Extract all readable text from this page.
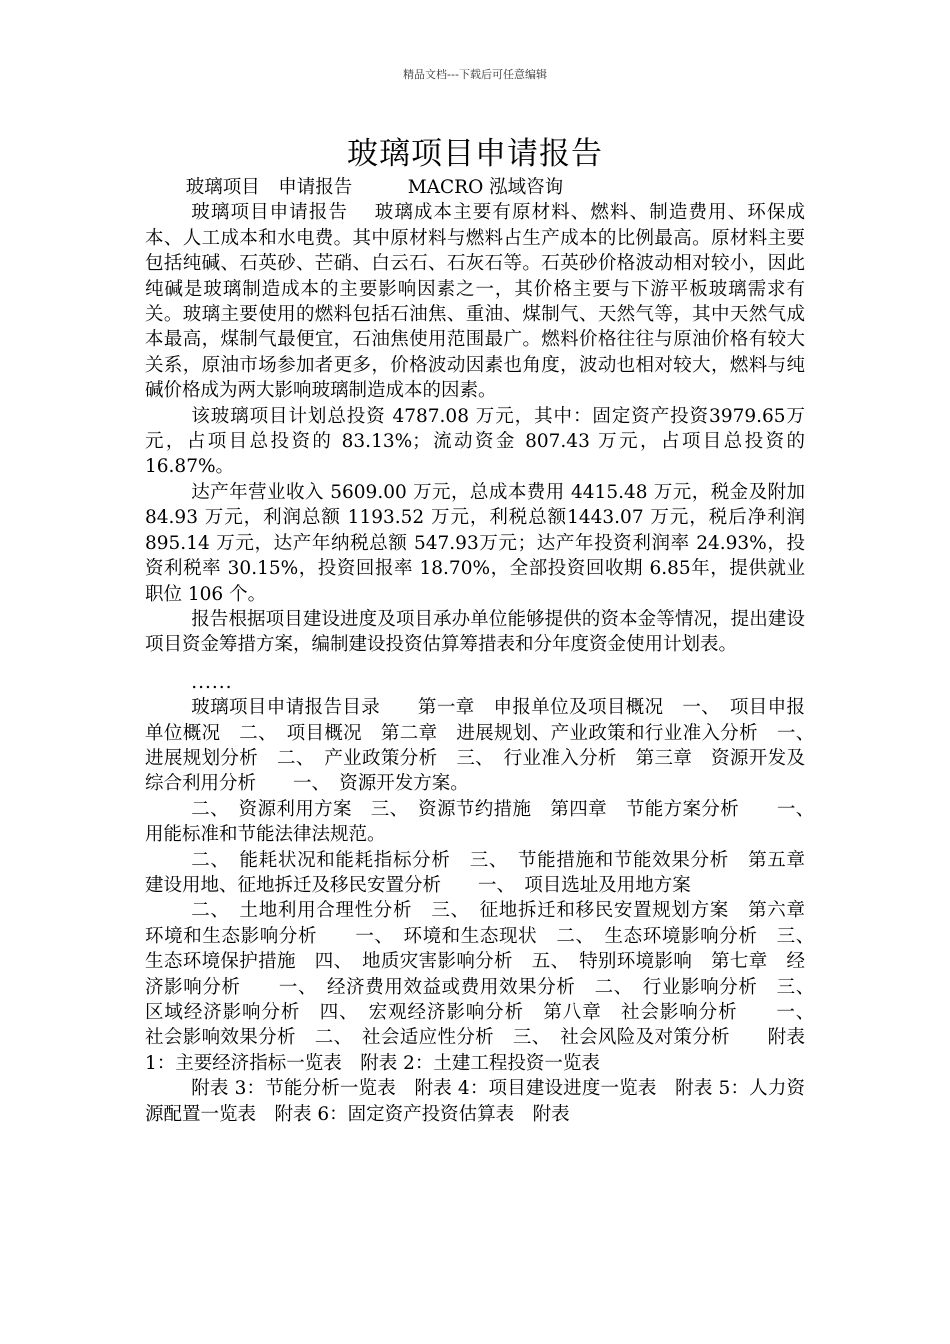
精品文档---下载后可任意编辑
玻璃项目申请报告

玻璃项目　申请报告　　　MACRO 泓域咨询

玻璃项目申请报告　 玻璃成本主要有原材料、燃料、制造费用、环保成本、人工成本和水电费。其中原材料与燃料占生产成本的比例最高。原材料主要包括纯碱、石英砂、芒硝、白云石、石灰石等。石英砂价格波动相对较小，因此纯碱是玻璃制造成本的主要影响因素之一，其价格主要与下游平板玻璃需求有关。玻璃主要使用的燃料包括石油焦、重油、煤制气、天然气等，其中天然气成本最高，煤制气最便宜，石油焦使用范围最广。燃料价格往往与原油价格有较大关系，原油市场参加者更多，价格波动因素也角度，波动也相对较大，燃料与纯碱价格成为两大影响玻璃制造成本的因素。

该玻璃项目计划总投资 4787.08 万元，其中：固定资产投资3979.65万元，占项目总投资的 83.13%；流动资金 807.43 万元，占项目总投资的16.87%。

达产年营业收入 5609.00 万元，总成本费用 4415.48 万元，税金及附加 84.93 万元，利润总额 1193.52 万元，利税总额1443.07 万元，税后净利润 895.14 万元，达产年纳税总额 547.93万元；达产年投资利润率 24.93%，投资利税率 30.15%，投资回报率 18.70%，全部投资回收期 6.85年，提供就业职位 106 个。

报告根据项目建设进度及项目承办单位能够提供的资本金等情况，提出建设项目资金筹措方案，编制建设投资估算筹措表和分年度资金使用计划表。

......

玻璃项目申请报告目录　　第一章　申报单位及项目概况　一、　项目申报单位概况　二、　项目概况　第二章　进展规划、产业政策和行业准入分析　一、　进展规划分析　二、　产业政策分析　三、　行业准入分析　第三章　资源开发及综合利用分析　　一、　资源开发方案。

二、　资源利用方案　三、　资源节约措施　第四章　节能方案分析　　一、　用能标准和节能法律法规范。

二、　能耗状况和能耗指标分析　三、　节能措施和节能效果分析　第五章　建设用地、征地拆迁及移民安置分析　　一、　项目选址及用地方案

二、　土地利用合理性分析　三、　征地拆迁和移民安置规划方案　第六章　环境和生态影响分析　　一、　环境和生态现状　二、　生态环境影响分析　三、　生态环境保护措施　四、　地质灾害影响分析　五、　特别环境影响　第七章　经济影响分析　　一、　经济费用效益或费用效果分析　二、　行业影响分析　三、　区域经济影响分析　四、　宏观经济影响分析　第八章　社会影响分析　　一、　社会影响效果分析　二、　社会适应性分析　三、　社会风险及对策分析　　附表 1：主要经济指标一览表　附表 2：土建工程投资一览表

附表 3：节能分析一览表　附表 4：项目建设进度一览表　附表 5：人力资源配置一览表　附表 6：固定资产投资估算表　附表
